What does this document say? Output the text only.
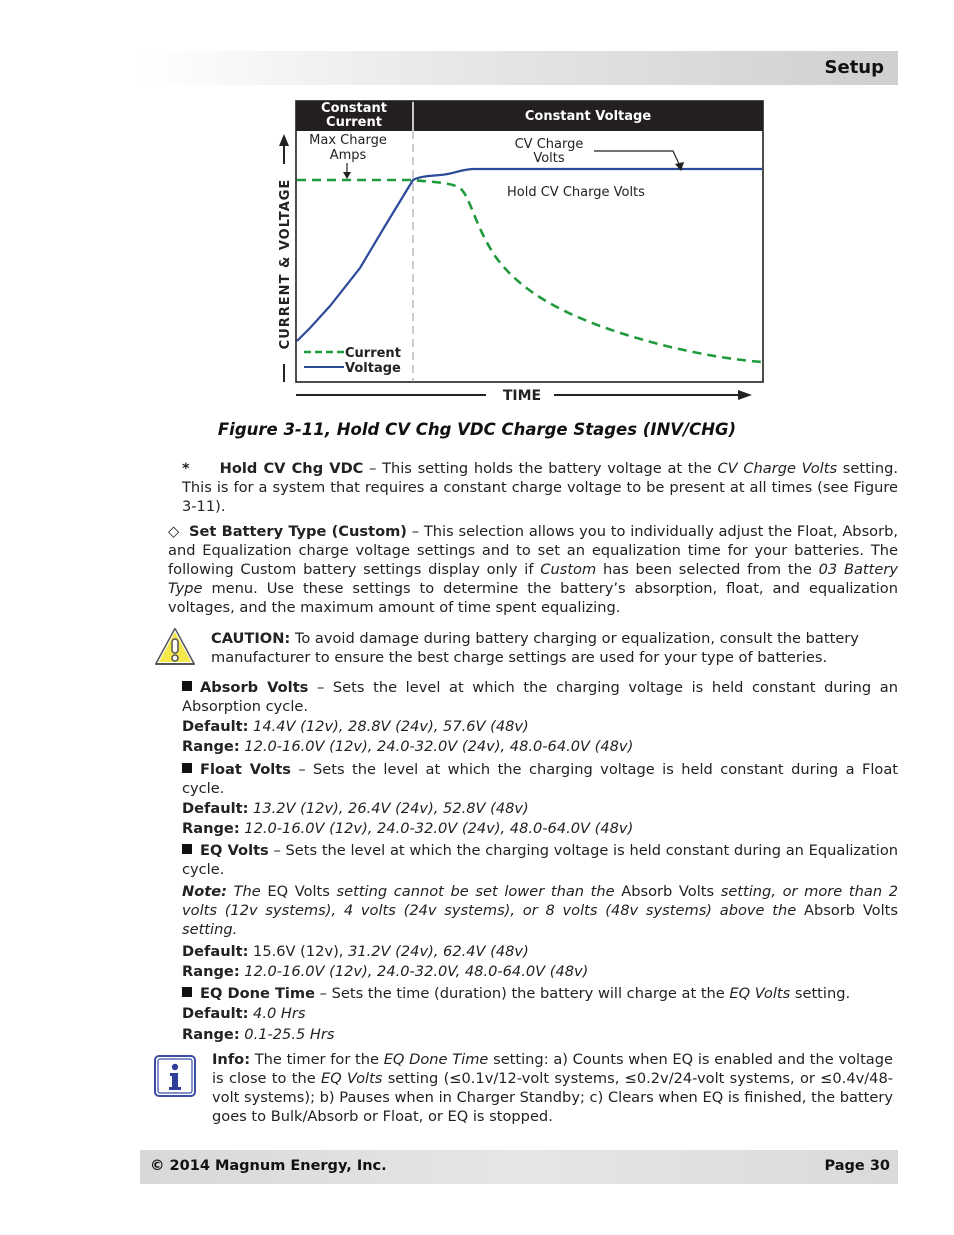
Setup
Constant
Current	Constant Voltage
Max Charge
Amps
CV Charge
Volts
Hold CV Charge Volts
Current
Voltage
CURRENT & VOLTAGE
TIME
Figure 3-11, Hold CV Chg VDC Charge Stages (INV/CHG)
* Hold CV Chg VDC – This setting holds the battery voltage at the CV Charge Volts setting. This is for a system that requires a constant charge voltage to be present at all times (see Figure 3-11).
◇ Set Battery Type (Custom) – This selection allows you to individually adjust the Float, Absorb, and Equalization charge voltage settings and to set an equalization time for your batteries. The following Custom battery settings display only if Custom has been selected from the 03 Battery Type menu. Use these settings to determine the battery’s absorption, float, and equalization voltages, and the maximum amount of time spent equalizing.
CAUTION: To avoid damage during battery charging or equalization, consult the battery manufacturer to ensure the best charge settings are used for your type of batteries.
Absorb Volts – Sets the level at which the charging voltage is held constant during an Absorption cycle.
Default: 14.4V (12v), 28.8V (24v), 57.6V (48v)
Range: 12.0-16.0V (12v), 24.0-32.0V (24v), 48.0-64.0V (48v)
Float Volts – Sets the level at which the charging voltage is held constant during a Float cycle.
Default: 13.2V (12v), 26.4V (24v), 52.8V (48v)
Range: 12.0-16.0V (12v), 24.0-32.0V (24v), 48.0-64.0V (48v)
EQ Volts – Sets the level at which the charging voltage is held constant during an Equalization cycle.
Note: The EQ Volts setting cannot be set lower than the Absorb Volts setting, or more than 2 volts (12v systems), 4 volts (24v systems), or 8 volts (48v systems) above the Absorb Volts setting.
Default: 15.6V (12v), 31.2V (24v), 62.4V (48v)
Range: 12.0-16.0V (12v), 24.0-32.0V, 48.0-64.0V (48v)
EQ Done Time – Sets the time (duration) the battery will charge at the EQ Volts setting.
Default: 4.0 Hrs
Range: 0.1-25.5 Hrs
Info: The timer for the EQ Done Time setting: a) Counts when EQ is enabled and the voltage is close to the EQ Volts setting (≤0.1v/12-volt systems, ≤0.2v/24-volt systems, or ≤0.4v/48-volt systems); b) Pauses when in Charger Standby; c) Clears when EQ is finished, the battery goes to Bulk/Absorb or Float, or EQ is stopped.
© 2014 Magnum Energy, Inc.	Page 30
